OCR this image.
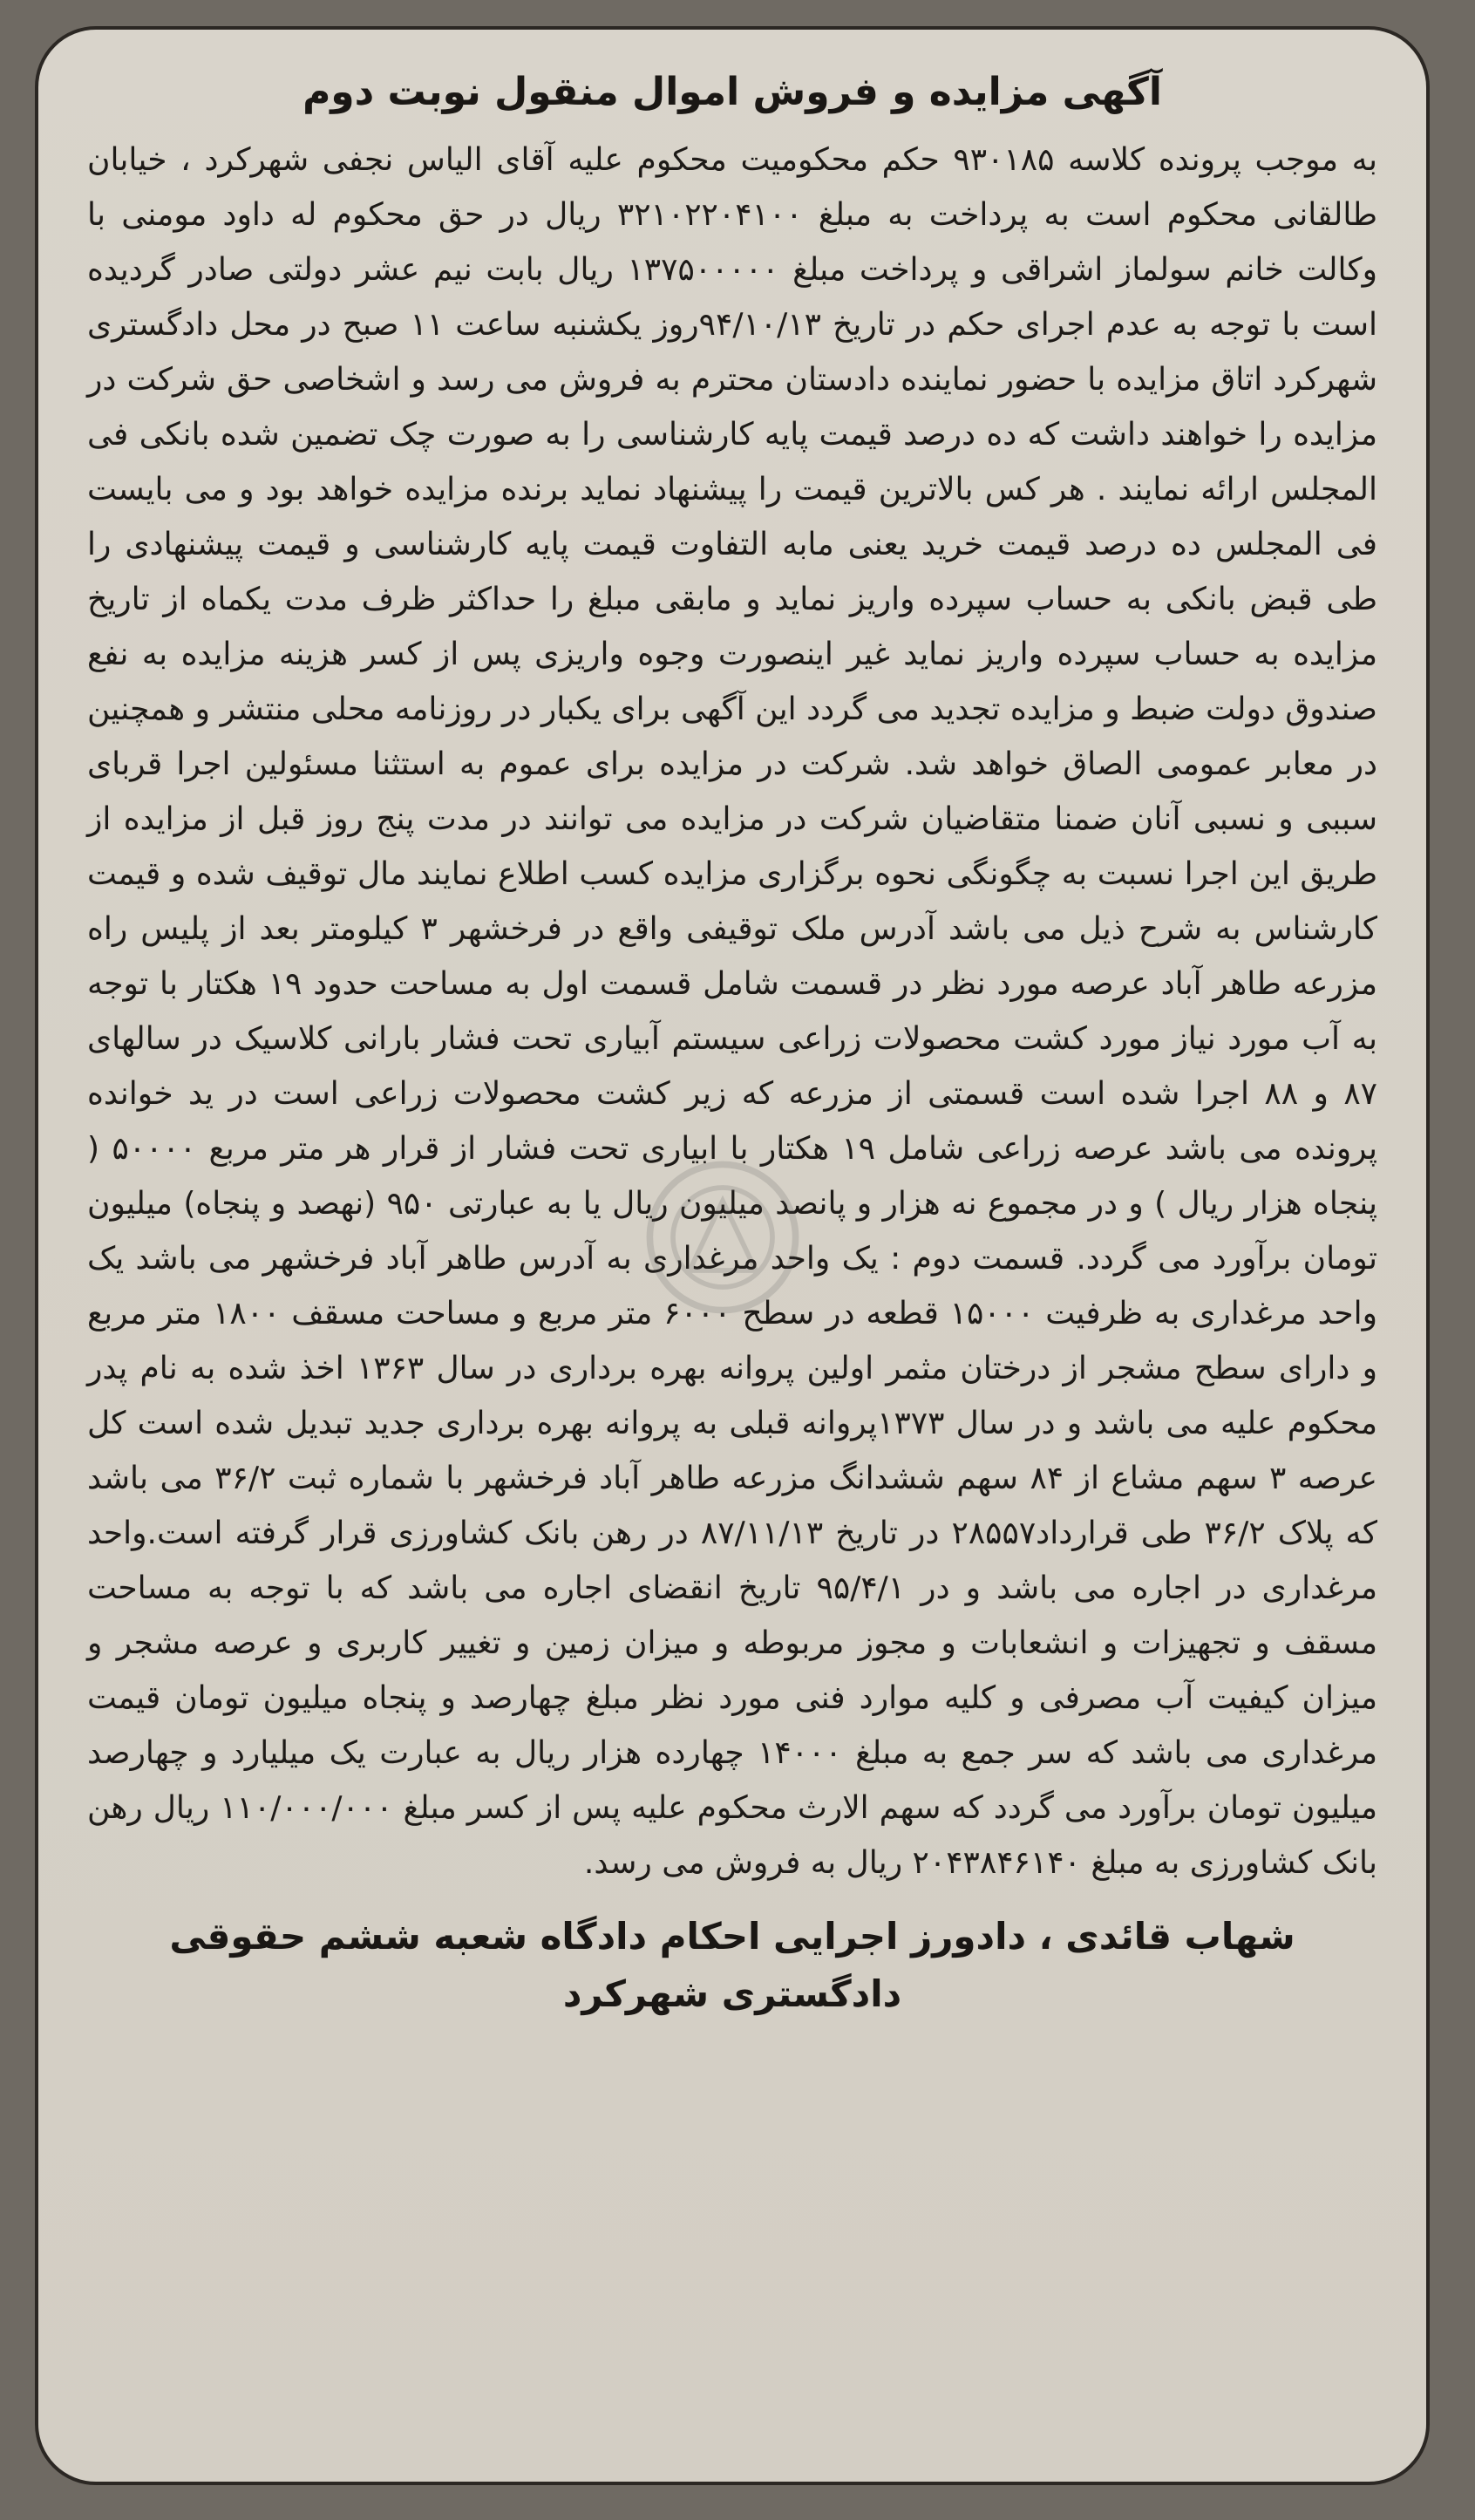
آگهی مزایده و فروش اموال منقول نوبت دوم

به موجب پرونده کلاسه ۹۳۰۱۸۵ حکم محکومیت محکوم علیه آقای الیاس نجفی شهرکرد ، خیابان طالقانی محکوم است به پرداخت به مبلغ ۳۲۱۰۲۲۰۴۱۰۰ ریال در حق محکوم له داود مومنی با وکالت خانم سولماز اشراقی و پرداخت مبلغ ۱۳۷۵۰۰۰۰۰ ریال بابت نیم عشر دولتی صادر گردیده است با توجه به عدم اجرای حکم در تاریخ ۹۴/۱۰/۱۳روز یکشنبه ساعت ۱۱ صبح در محل دادگستری شهرکرد اتاق مزایده با حضور نماینده دادستان محترم به فروش می رسد و اشخاصی حق شرکت در مزایده را خواهند داشت که ده درصد قیمت پایه کارشناسی را به صورت چک تضمین شده بانکی فی المجلس ارائه نمایند . هر کس بالاترین قیمت را پیشنهاد نماید برنده مزایده خواهد بود و می بایست فی المجلس ده درصد قیمت خرید یعنی مابه التفاوت قیمت پایه کارشناسی و قیمت پیشنهادی را طی قبض بانکی به حساب سپرده واریز نماید و مابقی مبلغ را حداکثر ظرف مدت یکماه از تاریخ مزایده به حساب سپرده واریز نماید غیر اینصورت وجوه واریزی پس از کسر هزینه مزایده به نفع صندوق دولت ضبط و مزایده تجدید می گردد این آگهی برای یکبار در روزنامه محلی منتشر و همچنین در معابر عمومی الصاق خواهد شد. شرکت در مزایده برای عموم به استثنا مسئولین اجرا قربای سببی و نسبی آنان ضمنا متقاضیان شرکت در مزایده می توانند در مدت پنج روز قبل از مزایده از طریق این اجرا نسبت به چگونگی نحوه برگزاری مزایده کسب اطلاع نمایند مال توقیف شده و قیمت کارشناس به شرح ذیل می باشد آدرس ملک توقیفی واقع در فرخشهر ۳ کیلومتر بعد از پلیس راه مزرعه طاهر آباد عرصه مورد نظر در قسمت شامل قسمت اول به مساحت حدود ۱۹ هکتار با توجه به آب مورد نیاز مورد کشت محصولات زراعی سیستم آبیاری تحت فشار بارانی کلاسیک در سالهای ۸۷ و ۸۸ اجرا شده است قسمتی از مزرعه که زیر کشت محصولات زراعی است در ید خوانده پرونده می باشد عرصه زراعی شامل ۱۹ هکتار با ابیاری تحت فشار از قرار هر متر مربع ۵۰۰۰۰ ( پنجاه هزار ریال ) و در مجموع نه هزار و پانصد میلیون ریال یا به عبارتی ۹۵۰ (نهصد و پنجاه) میلیون تومان برآورد می گردد. قسمت دوم : یک واحد مرغداری به آدرس طاهر آباد فرخشهر می باشد یک واحد مرغداری به ظرفیت ۱۵۰۰۰ قطعه در سطح ۶۰۰۰ متر مربع و مساحت مسقف ۱۸۰۰ متر مربع و دارای سطح مشجر از درختان مثمر اولین پروانه بهره برداری در سال ۱۳۶۳ اخذ شده به نام پدر محکوم علیه می باشد و در سال ۱۳۷۳پروانه قبلی به پروانه بهره برداری جدید تبدیل شده است کل عرصه ۳ سهم مشاع از ۸۴ سهم ششدانگ مزرعه طاهر آباد فرخشهر با شماره ثبت ۳۶/۲ می باشد که پلاک ۳۶/۲ طی قرارداد۲۸۵۵۷ در تاریخ ۸۷/۱۱/۱۳ در رهن بانک کشاورزی قرار گرفته است.واحد مرغداری در اجاره می باشد و در ۹۵/۴/۱ تاریخ انقضای اجاره می باشد که با توجه به مساحت مسقف و تجهیزات و انشعابات و مجوز مربوطه و میزان زمین و تغییر کاربری و عرصه مشجر و میزان کیفیت آب مصرفی و کلیه موارد فنی مورد نظر مبلغ چهارصد و پنجاه میلیون تومان قیمت مرغداری می باشد که سر جمع به مبلغ ۱۴۰۰۰ چهارده هزار ریال به عبارت یک میلیارد و چهارصد میلیون تومان برآورد می گردد که سهم الارث محکوم علیه پس از کسر مبلغ ۱۱۰/۰۰۰/۰۰۰ ریال رهن بانک کشاورزی به مبلغ ۲۰۴۳۸۴۶۱۴۰ ریال به فروش می رسد.

شهاب قائدی ، دادورز اجرایی احکام دادگاه شعبه ششم حقوقی دادگستری شهرکرد
